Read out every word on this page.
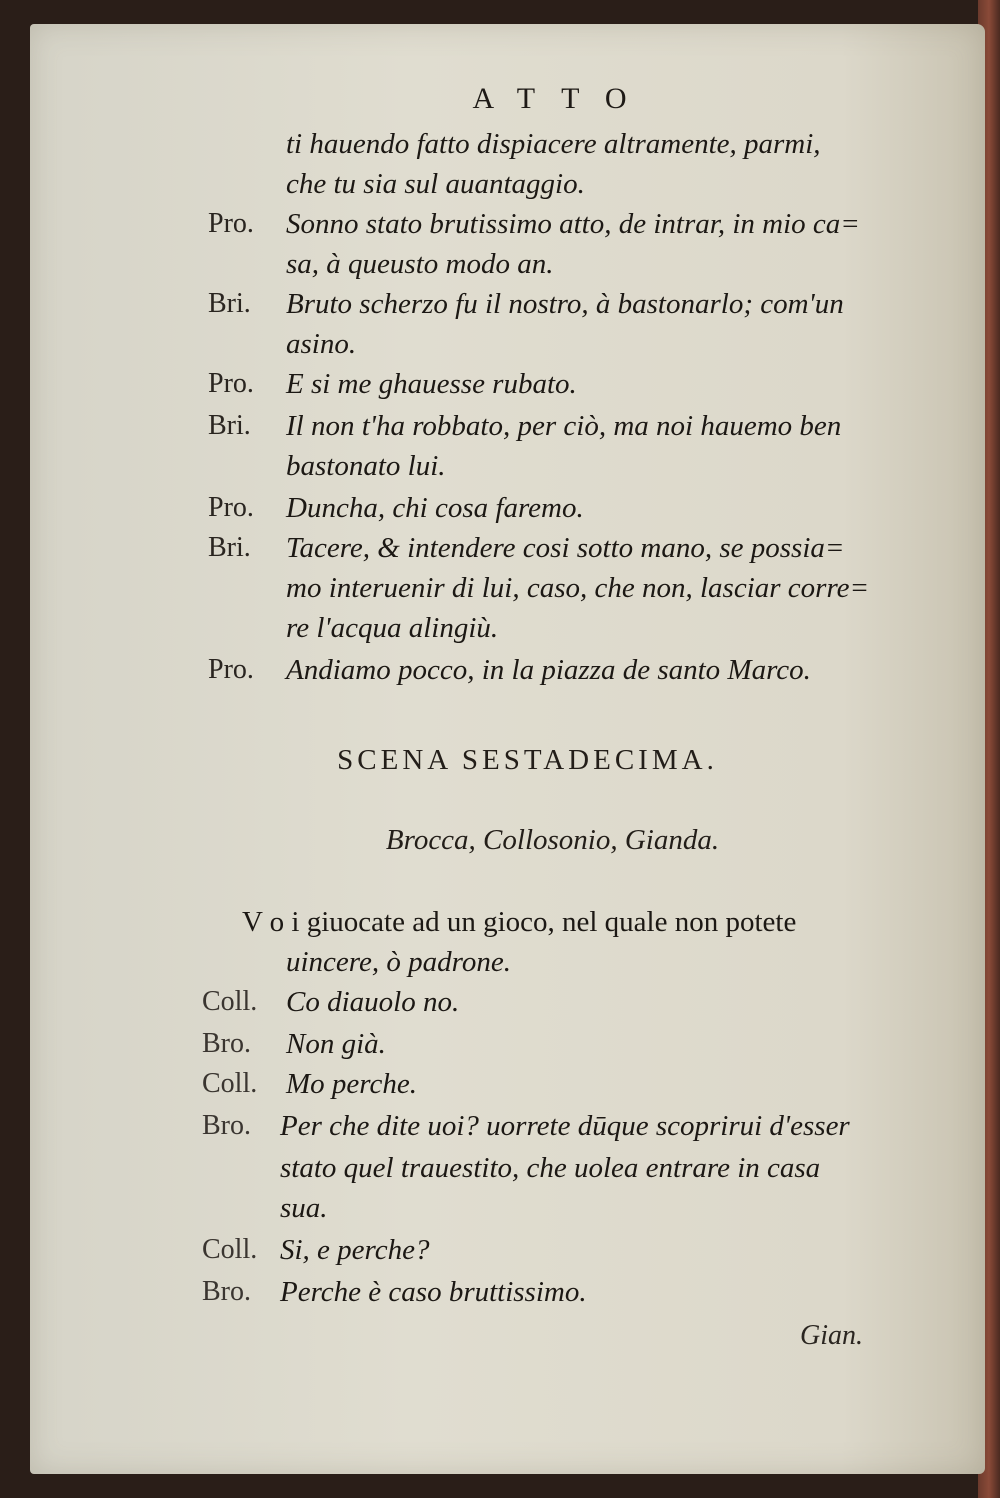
ATTO
Pro.
Bri.
Pro.
Bri.
Pro.
Bri.
Pro.
ti hauendo fatto dispiacere altramente, parmi,
che tu sia sul auantaggio.
Sonno stato brutissimo atto, de intrar, in mio ca=
sa, à queusto modo an.
Bruto scherzo fu il nostro, à bastonarlo; com'un
asino.
E si me ghauesse rubato.
Il non t'ha robbato, per ciò, ma noi hauemo ben
bastonato lui.
Duncha, chi cosa faremo.
Tacere, & intendere cosi sotto mano, se possia=
mo interuenir di lui, caso, che non, lasciar corre=
re l'acqua alingiù.
Andiamo pocco, in la piazza de santo Marco.
SCENA SESTADECIMA.
Brocca, Collosonio, Gianda.
V o i giuocate ad un gioco, nel quale non potete
uincere, ò padrone.
Coll. Co diauolo no.
Bro. Non già.
Coll. Mo perche.
Bro. Per che dite uoi? uorrete dūque scoprirui d'esser
stato quel trauestito, che uolea entrare in casa
sua.
Coll. Si, e perche?
Bro. Perche è caso bruttissimo.
Gian.
